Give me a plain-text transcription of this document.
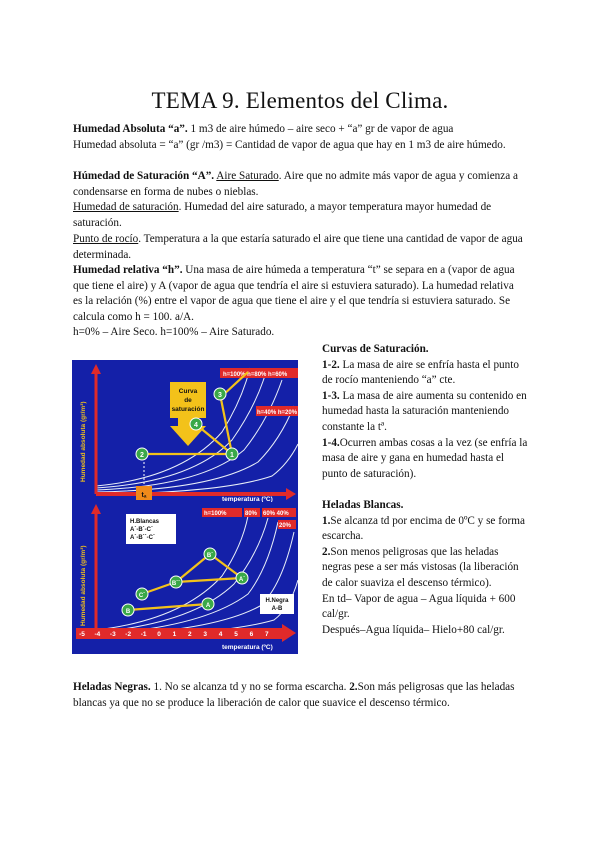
TEMA 9. Elementos del Clima.

Humedad Absoluta “a”. 1 m3 de aire húmedo – aire seco + “a” gr de vapor de agua
Humedad absoluta = “a” (gr /m3) = Cantidad de vapor de agua que hay en 1 m3 de aire húmedo.

Húmedad de Saturación “A”. Aire Saturado. Aire que no admite más vapor de agua y comienza a condensarse en forma de nubes o nieblas.

Humedad de saturación. Humedad del aire saturado, a mayor temperatura mayor humedad de saturación.

Punto de rocío. Temperatura a la que estaría saturado el aire que tiene una cantidad de vapor de agua determinada.

Humedad relativa “h”. Una masa de aire húmeda a temperatura “t” se separa en a (vapor de agua que tiene el aire) y A (vapor de agua que tendría el aire si estuviera saturado). La humedad relativa es la relación (%) entre el vapor de agua que tiene el aire y el que tendría si estuviera saturado. Se calcula como h = 100. a/A.
h=0% – Aire Seco. h=100% – Aire Saturado.

Curvas de Saturación.

1-2. La masa de aire se enfría hasta el punto de rocío manteniendo “a” cte.

1-3. La masa de aire aumenta su contenido en humedad hasta la saturación manteniendo constante la tª.

1-4.Ocurren ambas cosas a la vez (se enfría la masa de aire y gana en humedad hasta el punto de saturación).

Heladas Blancas.

1.Se alcanza td por encima de 0ºC y se forma escarcha.

2.Son menos peligrosas que las heladas negras pese a ser más vistosas (la liberación de calor suaviza el descenso térmico).

En td– Vapor de agua – Agua líquida + 600 cal/gr.

Después–Agua líquida– Hielo+80 cal/gr.

Heladas Negras. 1. No se alcanza td y no se forma escarcha. 2.Son más peligrosas que las heladas blancas ya que no se produce la liberación de calor que suavice el descenso térmico.

Humedad absoluta (gr/m³)
temperatura (ºC)
h=100% h=80% h=60%
h=40% h=20%
Curva
de
saturación
1
2
3
4
tₐ
Humedad absoluta (gr/m³)
h=100%	80% 60% 40%
20%
H.Blancas
A´-B´-C´
A´-B´´-C´
H.Negra
A-B
B´
B´´
C´
A´
A
B
-5 -4 -3 -2 -1 0 1 2 3 4 5 6 7
temperatura (ºC)
